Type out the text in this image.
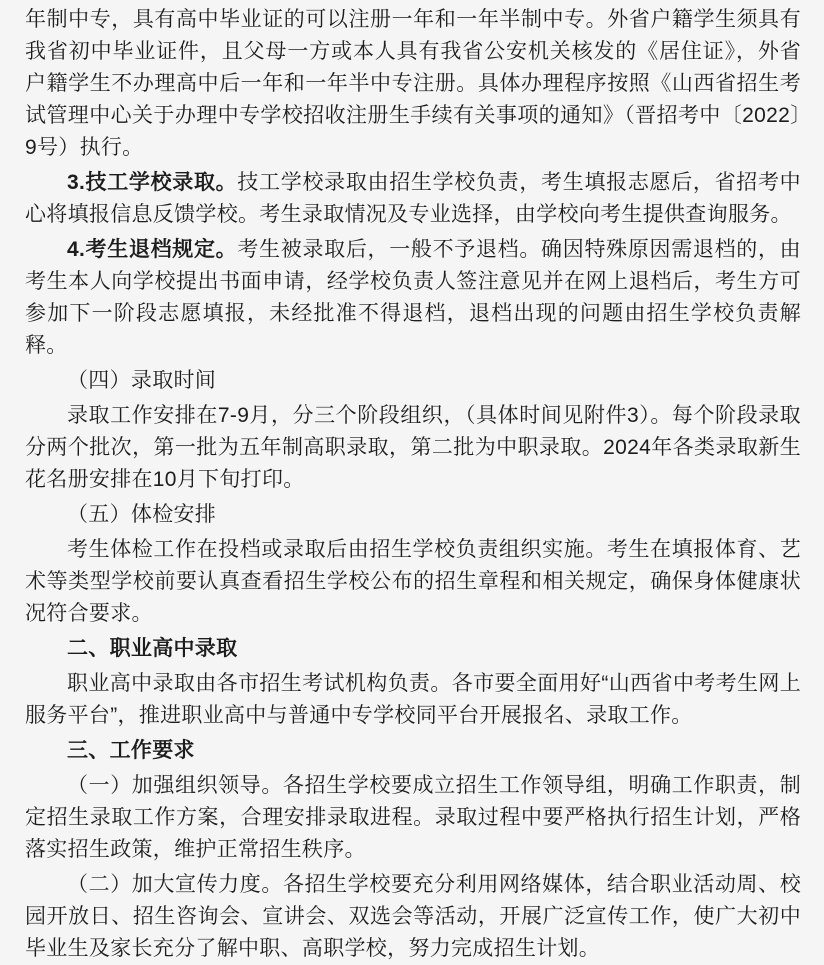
年制中专，具有高中毕业证的可以注册一年和一年半制中专。外省户籍学生须具有我省初中毕业证件，且父母一方或本人具有我省公安机关核发的《居住证》，外省户籍学生不办理高中后一年和一年半中专注册。具体办理程序按照《山西省招生考试管理中心关于办理中专学校招收注册生手续有关事项的通知》（晋招考中〔2022〕9号）执行。

3.技工学校录取。技工学校录取由招生学校负责，考生填报志愿后，省招考中心将填报信息反馈学校。考生录取情况及专业选择，由学校向考生提供查询服务。

4.考生退档规定。考生被录取后，一般不予退档。确因特殊原因需退档的，由考生本人向学校提出书面申请，经学校负责人签注意见并在网上退档后，考生方可参加下一阶段志愿填报，未经批准不得退档，退档出现的问题由招生学校负责解释。

（四）录取时间

录取工作安排在7-9月，分三个阶段组织，（具体时间见附件3）。每个阶段录取分两个批次，第一批为五年制高职录取，第二批为中职录取。2024年各类录取新生花名册安排在10月下旬打印。

（五）体检安排

考生体检工作在投档或录取后由招生学校负责组织实施。考生在填报体育、艺术等类型学校前要认真查看招生学校公布的招生章程和相关规定，确保身体健康状况符合要求。

二、职业高中录取

职业高中录取由各市招生考试机构负责。各市要全面用好“山西省中考考生网上服务平台”，推进职业高中与普通中专学校同平台开展报名、录取工作。

三、工作要求

（一）加强组织领导。各招生学校要成立招生工作领导组，明确工作职责，制定招生录取工作方案，合理安排录取进程。录取过程中要严格执行招生计划，严格落实招生政策，维护正常招生秩序。

（二）加大宣传力度。各招生学校要充分利用网络媒体，结合职业活动周、校园开放日、招生咨询会、宣讲会、双选会等活动，开展广泛宣传工作，使广大初中毕业生及家长充分了解中职、高职学校，努力完成招生计划。
